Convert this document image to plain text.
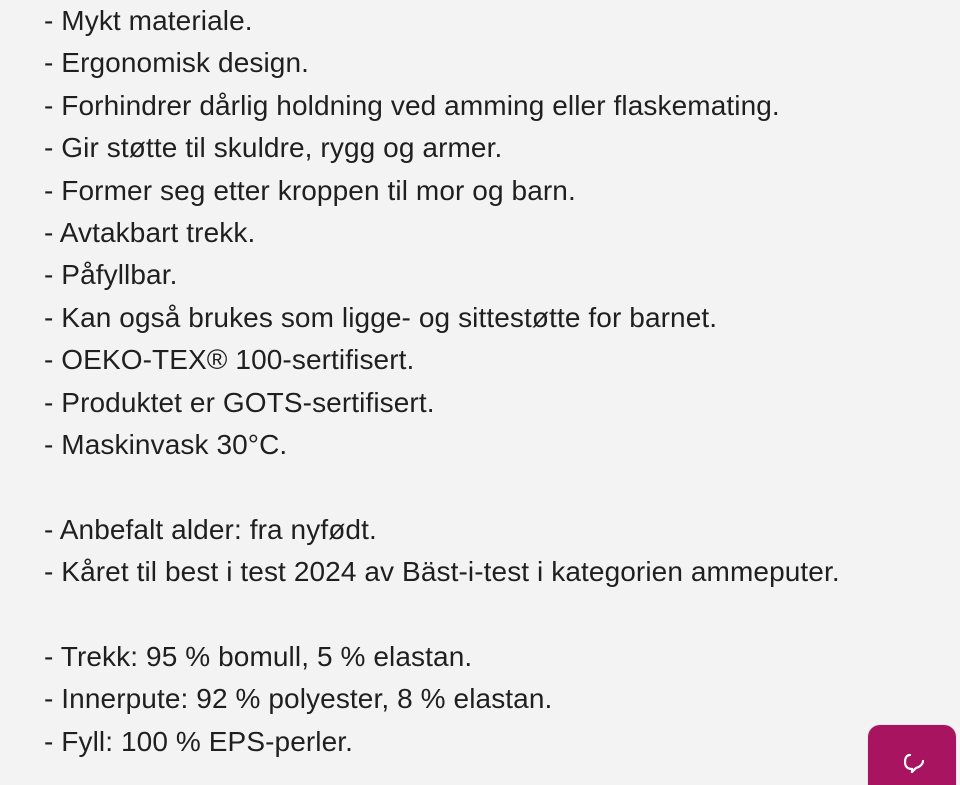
- Mykt materiale.
- Ergonomisk design.
- Forhindrer dårlig holdning ved amming eller flaskemating.
- Gir støtte til skuldre, rygg og armer.
- Former seg etter kroppen til mor og barn.
- Avtakbart trekk.
- Påfyllbar.
- Kan også brukes som ligge- og sittestøtte for barnet.
- OEKO-TEX® 100-sertifisert.
- Produktet er GOTS-sertifisert.
- Maskinvask 30°C.
- Anbefalt alder: fra nyfødt.
- Kåret til best i test 2024 av Bäst-i-test i kategorien ammeputer.
- Trekk: 95 % bomull, 5 % elastan.
- Innerpute: 92 % polyester, 8 % elastan.
- Fyll: 100 % EPS-perler.
